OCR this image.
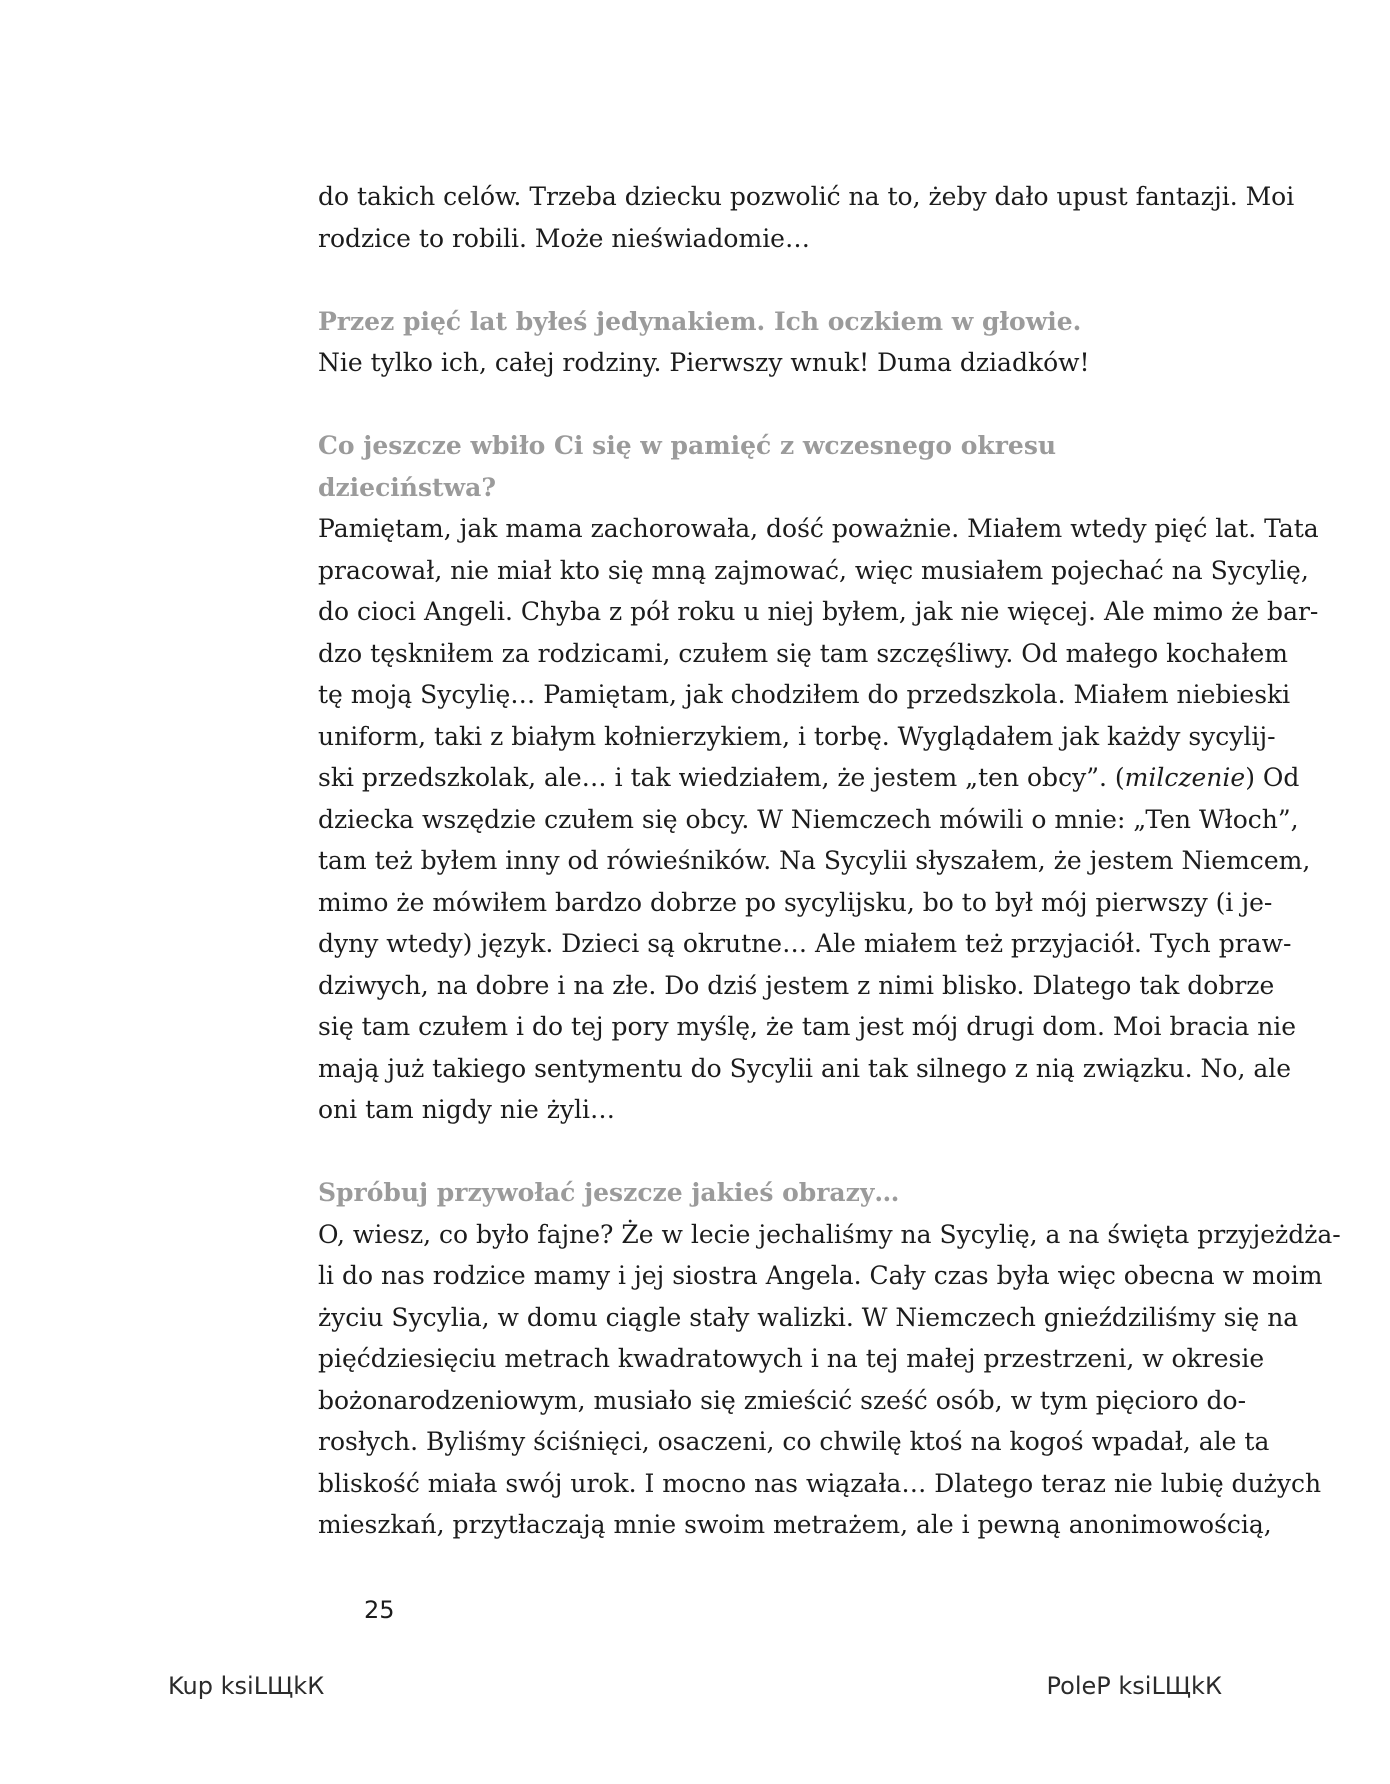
do takich celów. Trzeba dziecku pozwolić na to, żeby dało upust fantazji. Moi
rodzice to robili. Może nieświadomie…

Przez pięć lat byłeś jedynakiem. Ich oczkiem w głowie.

Nie tylko ich, całej rodziny. Pierwszy wnuk! Duma dziadków!

Co jeszcze wbiło Ci się w pamięć z wczesnego okresu dzieciństwa?

Pamiętam, jak mama zachorowała, dość poważnie. Miałem wtedy pięć lat. Tata
pracował, nie miał kto się mną zajmować, więc musiałem pojechać na Sycylię,
do cioci Angeli. Chyba z pół roku u niej byłem, jak nie więcej. Ale mimo że bar-
dzo tęskniłem za rodzicami, czułem się tam szczęśliwy. Od małego kochałem
tę moją Sycylię… Pamiętam, jak chodziłem do przedszkola. Miałem niebieski
uniform, taki z białym kołnierzykiem, i torbę. Wyglądałem jak każdy sycylij-
ski przedszkolak, ale… i tak wiedziałem, że jestem „ten obcy”. (milczenie) Od
dziecka wszędzie czułem się obcy. W Niemczech mówili o mnie: „Ten Włoch”,
tam też byłem inny od rówieśników. Na Sycylii słyszałem, że jestem Niemcem,
mimo że mówiłem bardzo dobrze po sycylijsku, bo to był mój pierwszy (i je-
dyny wtedy) język. Dzieci są okrutne… Ale miałem też przyjaciół. Tych praw-
dziwych, na dobre i na złe. Do dziś jestem z nimi blisko. Dlatego tak dobrze
się tam czułem i do tej pory myślę, że tam jest mój drugi dom. Moi bracia nie
mają już takiego sentymentu do Sycylii ani tak silnego z nią związku. No, ale
oni tam nigdy nie żyli…

Spróbuj przywołać jeszcze jakieś obrazy…

O, wiesz, co było fajne? Że w lecie jechaliśmy na Sycylię, a na święta przyjeżdża-
li do nas rodzice mamy i jej siostra Angela. Cały czas była więc obecna w moim
życiu Sycylia, w domu ciągle stały walizki. W Niemczech gnieździliśmy się na
pięćdziesięciu metrach kwadratowych i na tej małej przestrzeni, w okresie
bożonarodzeniowym, musiało się zmieścić sześć osób, w tym pięcioro do-
rosłych. Byliśmy ściśnięci, osaczeni, co chwilę ktoś na kogoś wpadał, ale ta
bliskość miała swój urok. I mocno nas wiązała… Dlatego teraz nie lubię dużych
mieszkań, przytłaczają mnie swoim metrażem, ale i pewną anonimowością,

25
Kup ksiLЩkК	PoleР ksiLЩkК
